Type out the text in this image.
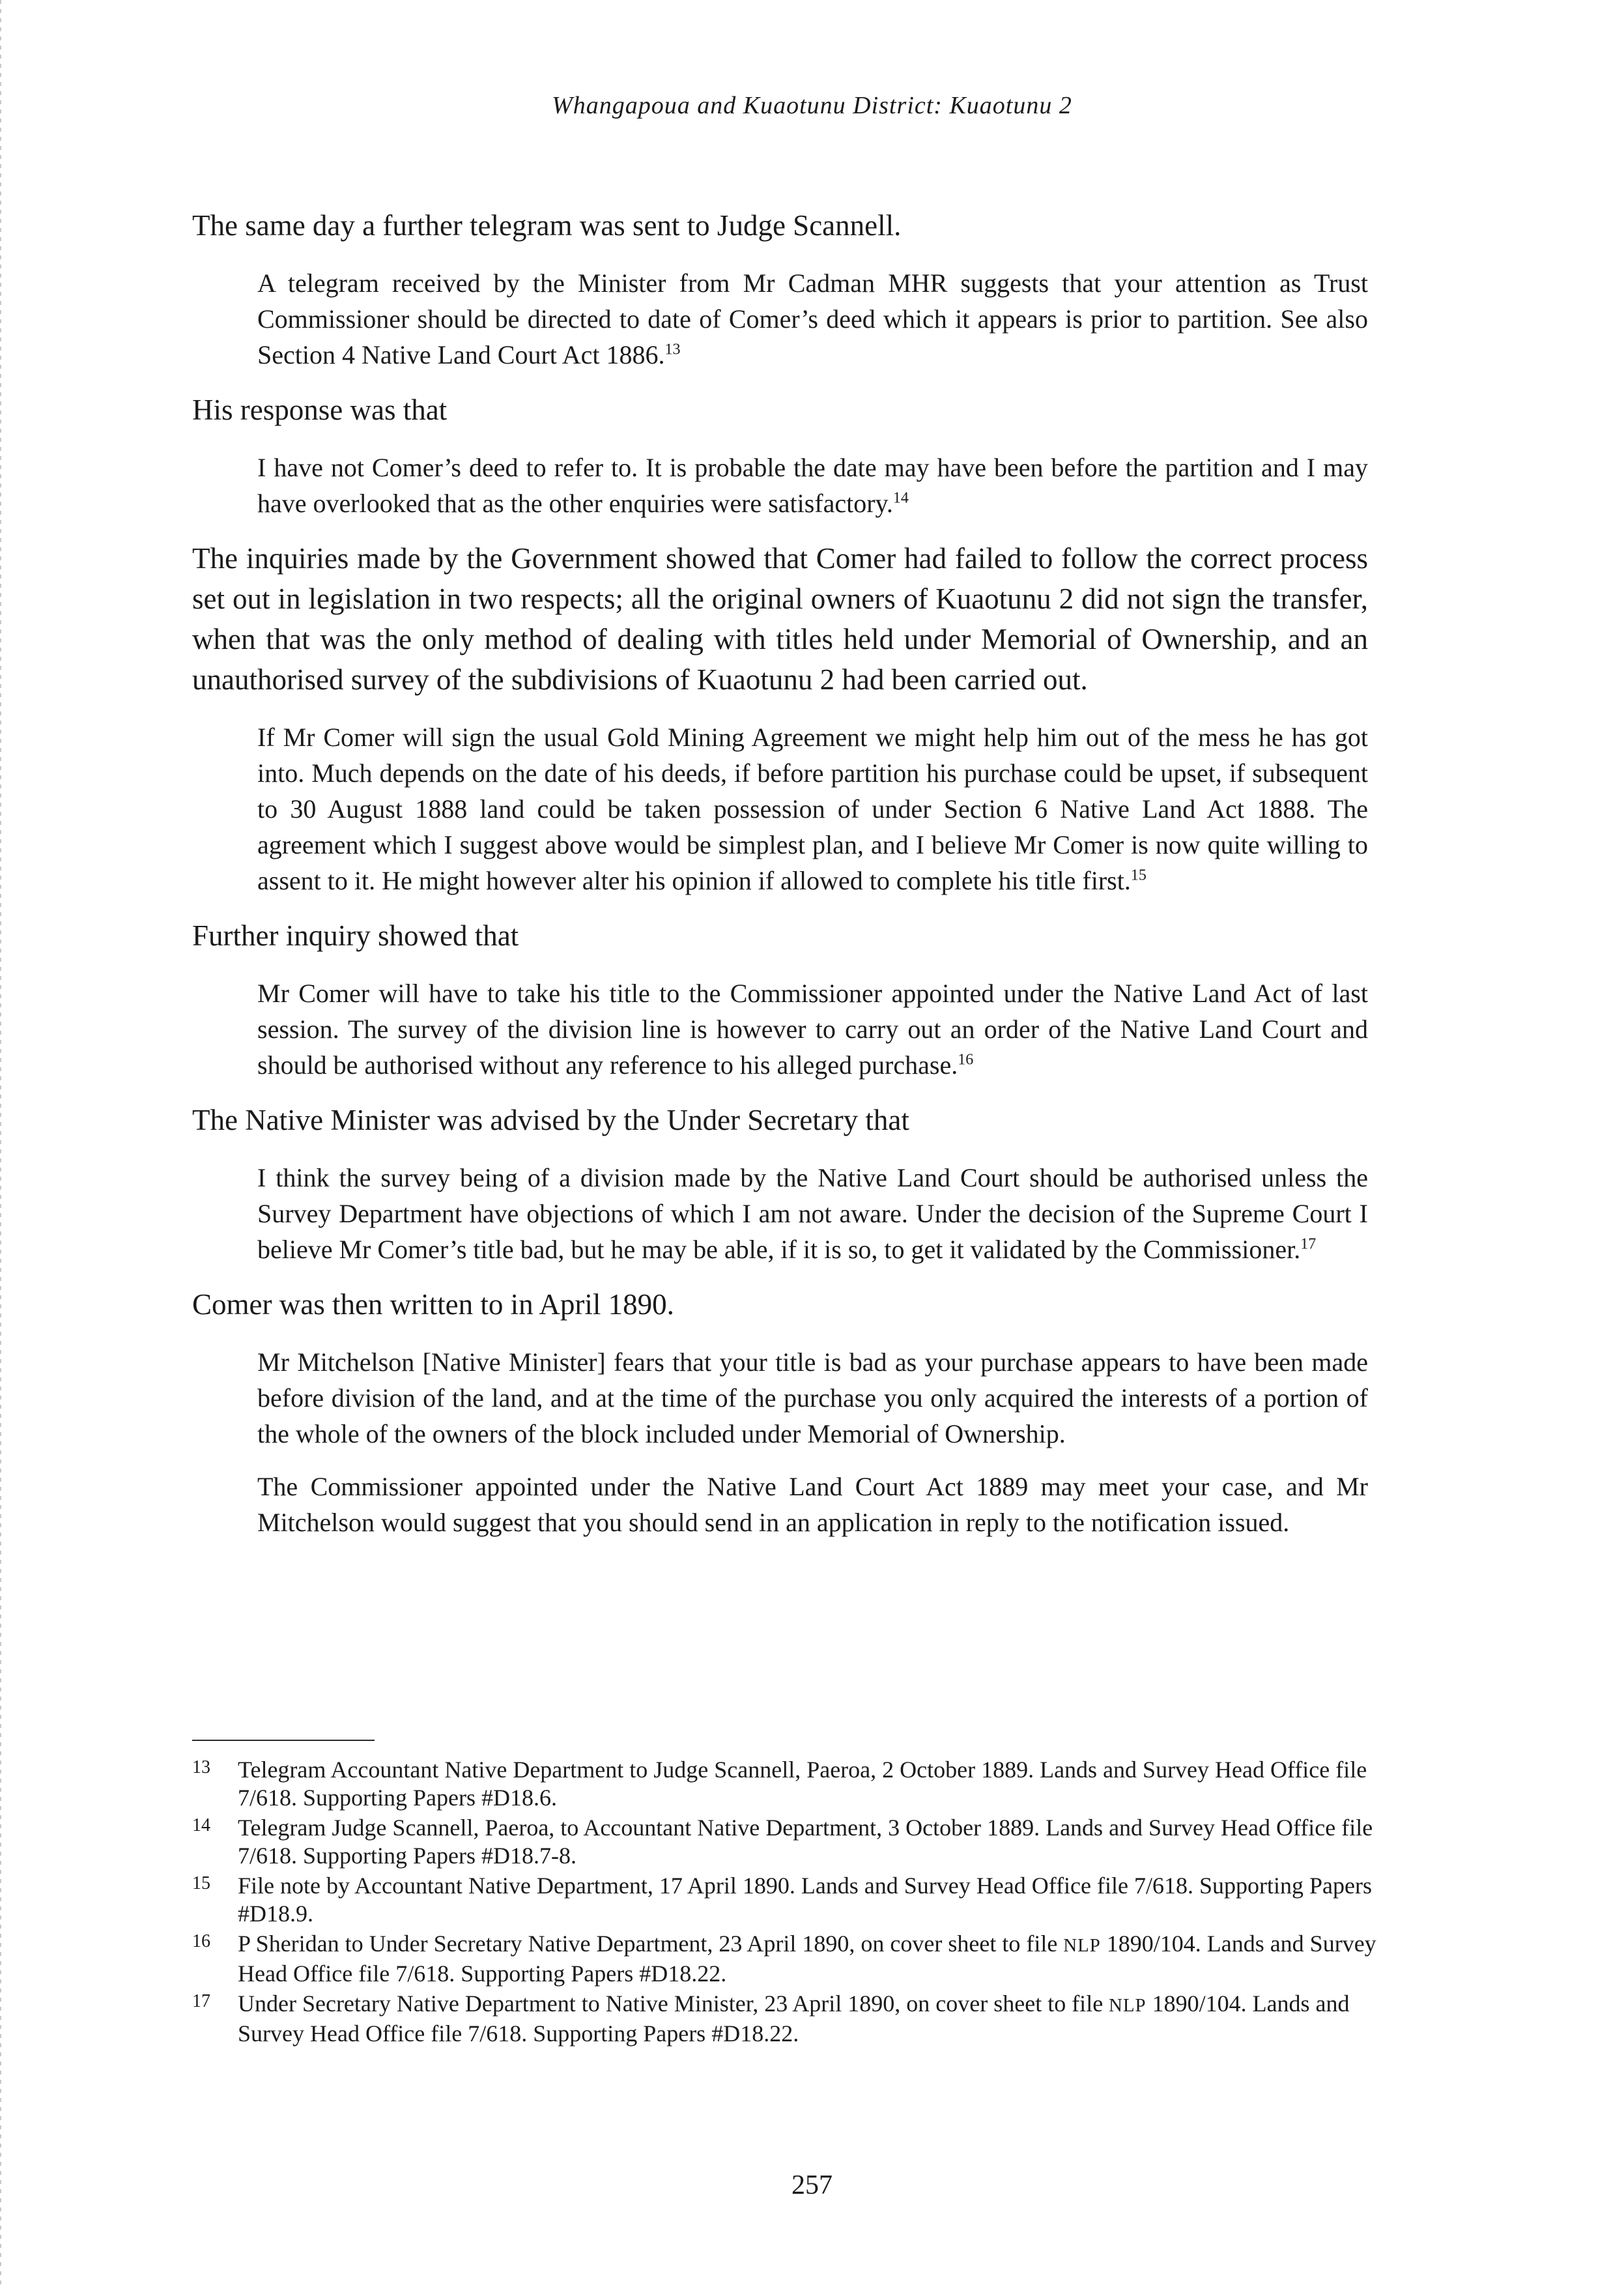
Whangapoua and Kuaotunu District: Kuaotunu 2

The same day a further telegram was sent to Judge Scannell.

A telegram received by the Minister from Mr Cadman MHR suggests that your attention as Trust Commissioner should be directed to date of Comer’s deed which it appears is prior to partition. See also Section 4 Native Land Court Act 1886.13

His response was that

I have not Comer’s deed to refer to. It is probable the date may have been before the partition and I may have overlooked that as the other enquiries were satisfactory.$^{14}$

The inquiries made by the Government showed that Comer had failed to follow the correct process set out in legislation in two respects; all the original owners of Kuaotunu 2 did not sign the transfer, when that was the only method of dealing with titles held under Memorial of Ownership, and an unauthorised survey of the subdivisions of Kuaotunu 2 had been carried out.

If Mr Comer will sign the usual Gold Mining Agreement we might help him out of the mess he has got into. Much depends on the date of his deeds, if before partition his purchase could be upset, if subsequent to 30 August 1888 land could be taken possession of under Section 6 Native Land Act 1888. The agreement which I suggest above would be simplest plan, and I believe Mr Comer is now quite willing to assent to it. He might however alter his opinion if allowed to complete his title first.$^{15}$

Further inquiry showed that

Mr Comer will have to take his title to the Commissioner appointed under the Native Land Act of last session. The survey of the division line is however to carry out an order of the Native Land Court and should be authorised without any reference to his alleged purchase.$^{16}$

The Native Minister was advised by the Under Secretary that

I think the survey being of a division made by the Native Land Court should be authorised unless the Survey Department have objections of which I am not aware. Under the decision of the Supreme Court I believe Mr Comer’s title bad, but he may be able, if it is so, to get it validated by the Commissioner.$^{17}$

Comer was then written to in April 1890.

Mr Mitchelson [Native Minister] fears that your title is bad as your purchase appears to have been made before division of the land, and at the time of the purchase you only acquired the interests of a portion of the whole of the owners of the block included under Memorial of Ownership.

The Commissioner appointed under the Native Land Court Act 1889 may meet your case, and Mr Mitchelson would suggest that you should send in an application in reply to the notification issued.

13	Telegram Accountant Native Department to Judge Scannell, Paeroa, 2 October 1889. Lands and Survey Head Office file 7/618. Supporting Papers #D18.6.
14	Telegram Judge Scannell, Paeroa, to Accountant Native Department, 3 October 1889. Lands and Survey Head Office file 7/618. Supporting Papers #D18.7-8.
15	File note by Accountant Native Department, 17 April 1890. Lands and Survey Head Office file 7/618. Supporting Papers #D18.9.
16	P Sheridan to Under Secretary Native Department, 23 April 1890, on cover sheet to file NLP 1890/104. Lands and Survey Head Office file 7/618. Supporting Papers #D18.22.
17	Under Secretary Native Department to Native Minister, 23 April 1890, on cover sheet to file NLP 1890/104. Lands and Survey Head Office file 7/618. Supporting Papers #D18.22.
257
